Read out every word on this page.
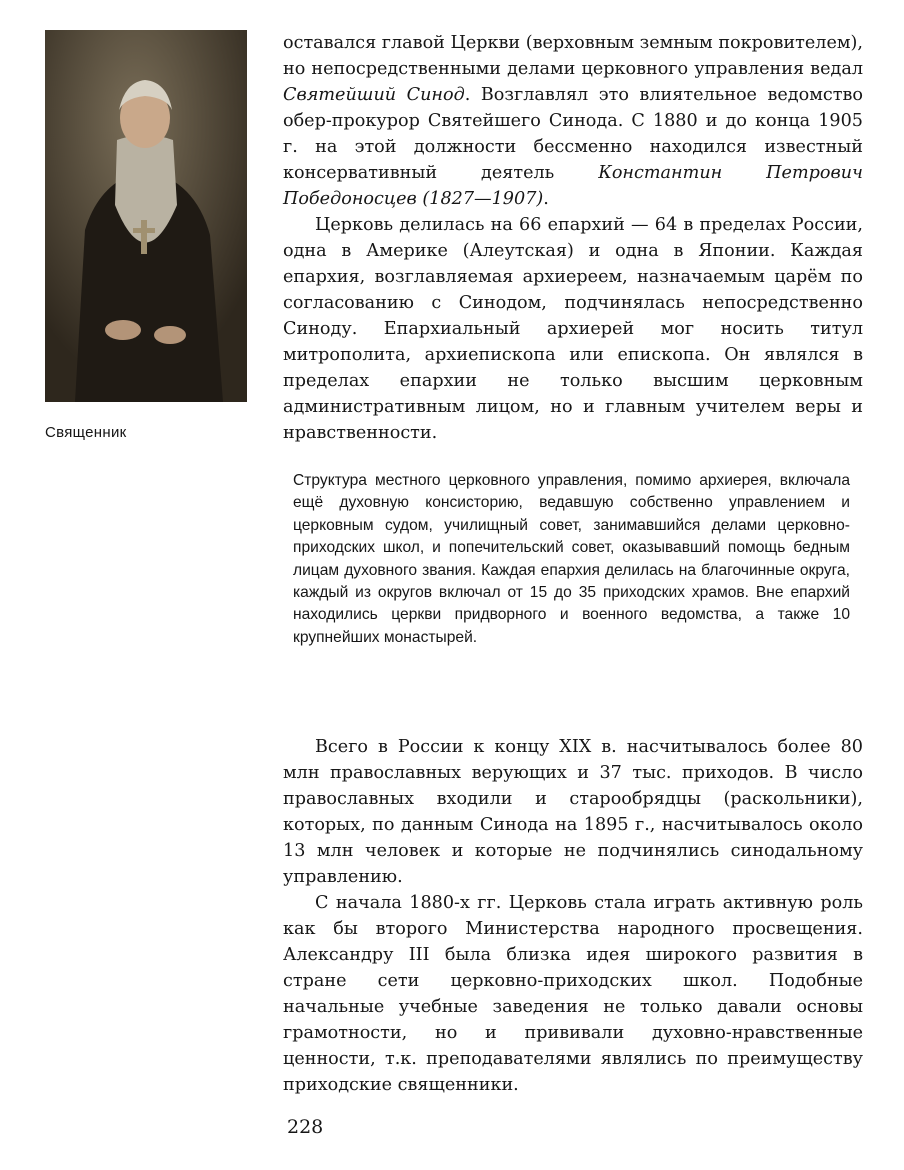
Священник

оставался главой Церкви (верховным земным покровителем), но непосредственными делами церковного управления ведал Святейший Синод. Возглавлял это влиятельное ведомство обер-прокурор Святейшего Синода. С 1880 и до конца 1905 г. на этой должности бессменно находился известный консервативный деятель Константин Петрович Победоносцев (1827—1907).

Церковь делилась на 66 епархий — 64 в пределах России, одна в Америке (Алеутская) и одна в Японии. Каждая епархия, возглавляемая архиереем, назначаемым царём по согласованию с Синодом, подчинялась непосредственно Синоду. Епархиальный архиерей мог носить титул митрополита, архиепископа или епископа. Он являлся в пределах епархии не только высшим церковным административным лицом, но и главным учителем веры и нравственности.

Структура местного церковного управления, помимо архиерея, включала ещё духовную консисторию, ведавшую собственно управлением и церковным судом, училищный совет, занимавшийся делами церковно-приходских школ, и попечительский совет, оказывавший помощь бедным лицам духовного звания. Каждая епархия делилась на благочинные округа, каждый из округов включал от 15 до 35 приходских храмов. Вне епархий находились церкви придворного и военного ведомства, а также 10 крупнейших монастырей.

Всего в России к концу XIX в. насчитывалось более 80 млн православных верующих и 37 тыс. приходов. В число православных входили и старообрядцы (раскольники), которых, по данным Синода на 1895 г., насчитывалось около 13 млн человек и которые не подчинялись синодальному управлению.

С начала 1880-х гг. Церковь стала играть активную роль как бы второго Министерства народного просвещения. Александру III была близка идея широкого развития в стране сети церковно-приходских школ. Подобные начальные учебные заведения не только давали основы грамотности, но и прививали духовно-нравственные ценности, т.к. преподавателями являлись по преимуществу приходские священники.

228
